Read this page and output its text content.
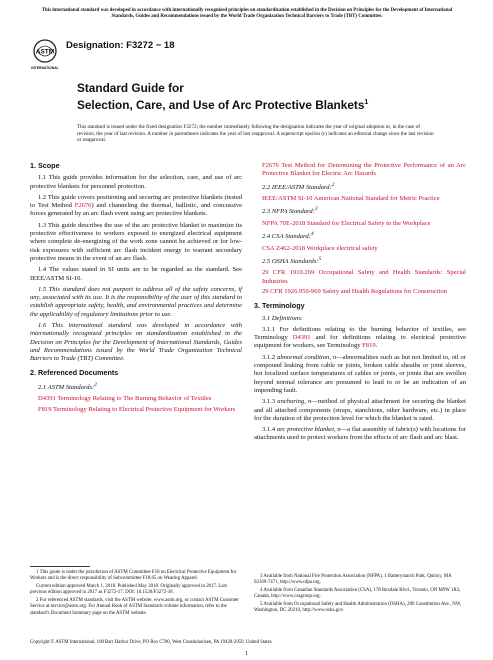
This international standard was developed in accordance with internationally recognized principles on standardization established in the Decision on Principles for the Development of International Standards, Guides and Recommendations issued by the World Trade Organization Technical Barriers to Trade (TBT) Committee.
ASTM
INTERNATIONAL
Designation: F3272 − 18
Standard Guide for
Selection, Care, and Use of Arc Protective Blankets$^1$
This standard is issued under the fixed designation F3272; the number immediately following the designation indicates the year of original adoption or, in the case of revision, the year of last revision. A number in parentheses indicates the year of last reapproval. A superscript epsilon (ε) indicates an editorial change since the last revision or reapproval.
1. Scope

1.1 This guide provides information for the selection, care, and use of arc protective blankets for personnel protection.

1.2 This guide covers positioning and securing arc protective blankets (tested to Test Method F2676) and channeling the thermal, ballistic, and concussive forces generated by an arc flash event using arc protective blankets.

1.3 This guide describes the use of the arc protective blanket to maximize its protective effectiveness to workers exposed to energized electrical equipment where complete de-energizing of the work zone cannot be achieved or for low-risk exposures with sufficient arc flash incident energy to warrant secondary protective means in the event of an arc flash.

1.4 The values stated in SI units are to be regarded as the standard. See IEEE/ASTM SI-10.

1.5 This standard does not purport to address all of the safety concerns, if any, associated with its use. It is the responsibility of the user of this standard to establish appropriate safety, health, and environmental practices and determine the applicability of regulatory limitations prior to use.

1.6 This international standard was developed in accordance with internationally recognized principles on standardization established in the Decision on Principles for the Development of International Standards, Guides and Recommendations issued by the World Trade Organization Technical Barriers to Trade (TBT) Committee.

2. Referenced Documents

2.1 ASTM Standards:$^2$

D4391 Terminology Relating to The Burning Behavior of Textiles

F819 Terminology Relating to Electrical Protective Equipment for Workers

F2676 Test Method for Determining the Protective Performance of an Arc Protective Blanket for Electric Arc Hazards

2.2 IEEE/ASTM Standard:$^2$

IEEE/ASTM SI-10 American National Standard for Metric Practice

2.3 NFPA Standard:$^3$

NFPA 70E-2018 Standard for Electrical Safety in the Workplace

2.4 CSA Standard:$^4$

CSA Z462-2018 Workplace electrical safety

2.5 OSHA Standards:$^5$

29 CFR 1910.269 Occupational Safety and Health Standards: Special Industries

29 CFR 1926.950-969 Safety and Health Regulations for Construction

3. Terminology

3.1 Definitions:

3.1.1 For definitions relating to the burning behavior of textiles, see Terminology D4391 and for definitions relating to electrical protective equipment for workers, see Terminology F819.

3.1.2 abnormal condition, n—abnormalities such as but not limited to, oil or compound leaking from cable or joints, broken cable sheaths or joint sleeves, hot localized surface temperatures of cables or joints, or joints that are swollen beyond normal tolerance are presumed to lead to or be an indication of an impending fault.

3.1.3 anchoring, n—method of physical attachment for securing the blanket and all attached components (straps, stanchions, other hardware, etc.) in place for the duration of the protection level for which the blanket is rated.

3.1.4 arc protective blanket, n—a flat assembly of fabric(s) with locations for attachments used to protect workers from the effects of arc flash and arc blast.

1 This guide is under the jurisdiction of ASTM Committee F18 on Electrical Protective Equipment for Workers and is the direct responsibility of Subcommittee F18.65 on Wearing Apparel.

Current edition approved March 1, 2018. Published May 2018. Originally approved in 2017. Last previous edition approved in 2017 as F3272-17. DOI: 10.1520/F3272-18.

2 For referenced ASTM standards, visit the ASTM website, www.astm.org, or contact ASTM Customer Service at service@astm.org. For Annual Book of ASTM Standards volume information, refer to the standard's Document Summary page on the ASTM website.

3 Available from National Fire Protection Association (NFPA), 1 Batterymarch Park, Quincy, MA 02169-7471, http://www.nfpa.org.

4 Available from Canadian Standards Association (CSA), 178 Rexdale Blvd., Toronto, ON M9W 1R3, Canada, http://www.csagroup.org.

5 Available from Occupational Safety and Health Administration (OSHA), 200 Constitution Ave., NW, Washington, DC 20210, http://www.osha.gov.

Copyright © ASTM International, 100 Barr Harbor Drive, PO Box C700, West Conshohocken, PA 19428-2959. United States
1
